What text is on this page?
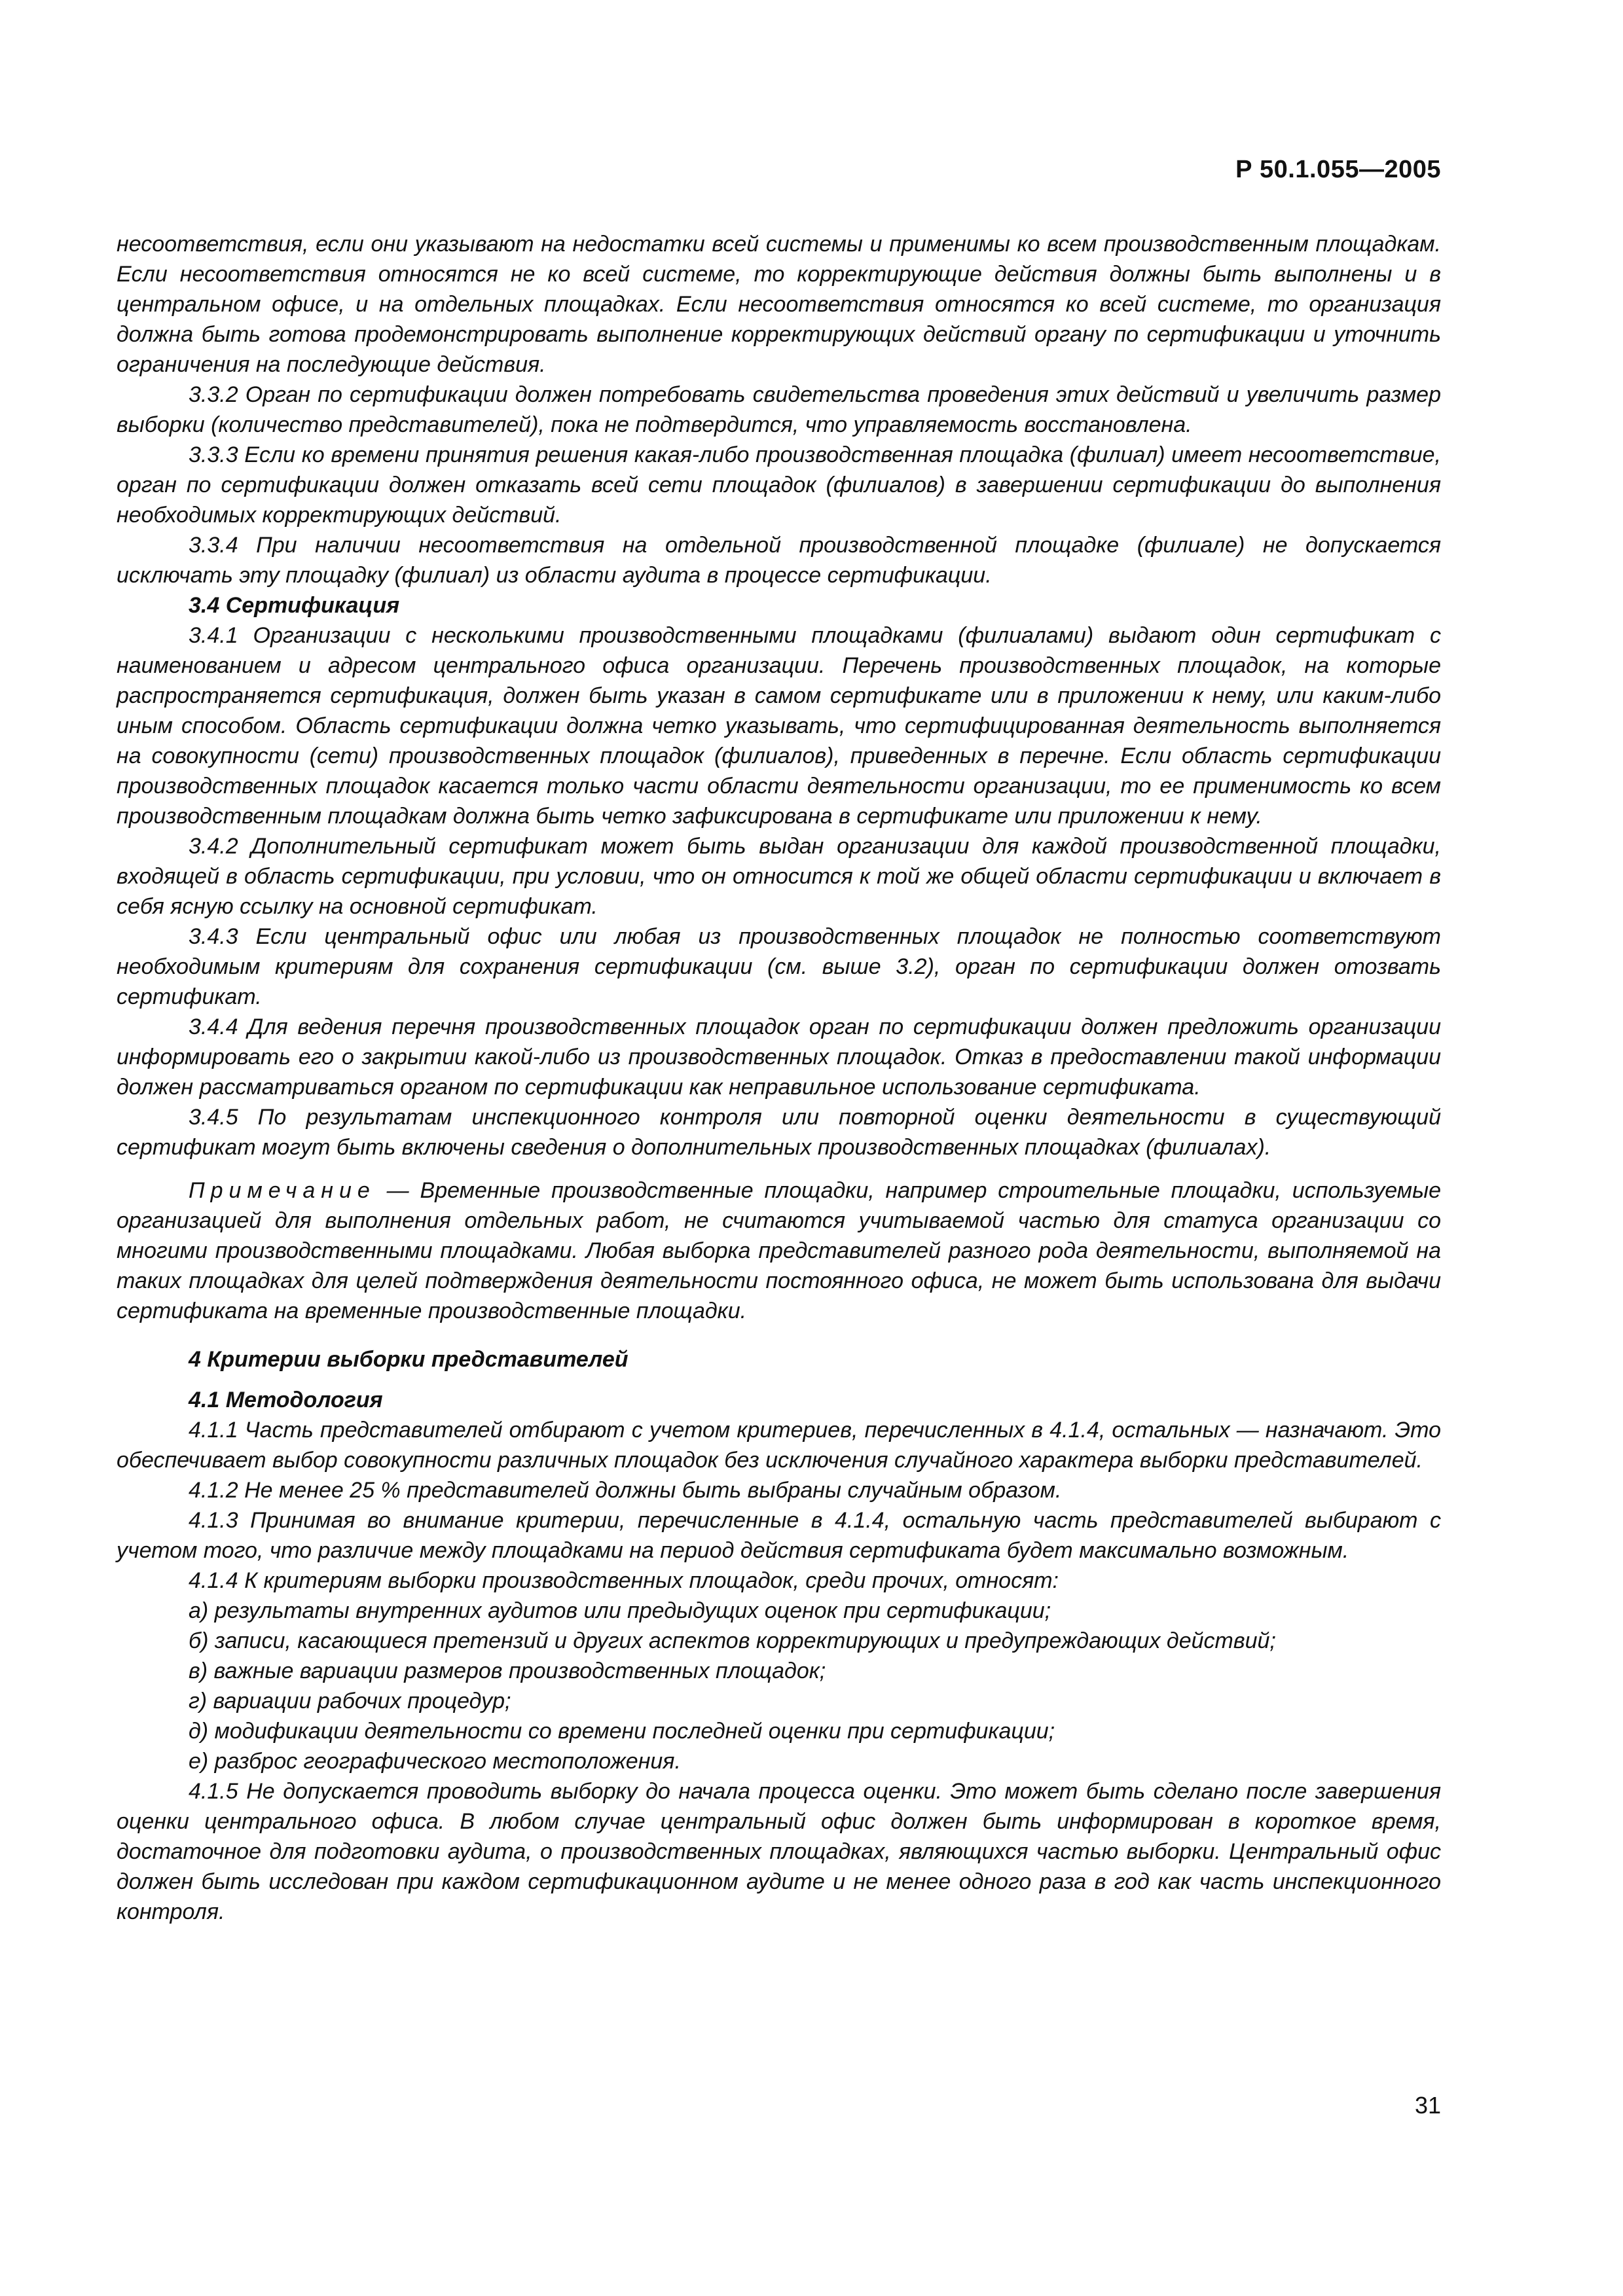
Р 50.1.055—2005

несоответствия, если они указывают на недостатки всей системы и применимы ко всем производственным площадкам. Если несоответствия относятся не ко всей системе, то корректирующие действия должны быть выполнены и в центральном офисе, и на отдельных площадках. Если несоответствия относятся ко всей системе, то организация должна быть готова продемонстрировать выполнение корректирующих действий органу по сертификации и уточнить ограничения на последующие действия.

3.3.2 Орган по сертификации должен потребовать свидетельства проведения этих действий и увеличить размер выборки (количество представителей), пока не подтвердится, что управляемость восстановлена.

3.3.3 Если ко времени принятия решения какая-либо производственная площадка (филиал) имеет несоответствие, орган по сертификации должен отказать всей сети площадок (филиалов) в завершении сертификации до выполнения необходимых корректирующих действий.

3.3.4 При наличии несоответствия на отдельной производственной площадке (филиале) не допускается исключать эту площадку (филиал) из области аудита в процессе сертификации.

3.4 Сертификация

3.4.1 Организации с несколькими производственными площадками (филиалами) выдают один сертификат с наименованием и адресом центрального офиса организации. Перечень производственных площадок, на которые распространяется сертификация, должен быть указан в самом сертификате или в приложении к нему, или каким-либо иным способом. Область сертификации должна четко указывать, что сертифицированная деятельность выполняется на совокупности (сети) производственных площадок (филиалов), приведенных в перечне. Если область сертификации производственных площадок касается только части области деятельности организации, то ее применимость ко всем производственным площадкам должна быть четко зафиксирована в сертификате или приложении к нему.

3.4.2 Дополнительный сертификат может быть выдан организации для каждой производственной площадки, входящей в область сертификации, при условии, что он относится к той же общей области сертификации и включает в себя ясную ссылку на основной сертификат.

3.4.3 Если центральный офис или любая из производственных площадок не полностью соответствуют необходимым критериям для сохранения сертификации (см. выше 3.2), орган по сертификации должен отозвать сертификат.

3.4.4 Для ведения перечня производственных площадок орган по сертификации должен предложить организации информировать его о закрытии какой-либо из производственных площадок. Отказ в предоставлении такой информации должен рассматриваться органом по сертификации как неправильное использование сертификата.

3.4.5 По результатам инспекционного контроля или повторной оценки деятельности в существующий сертификат могут быть включены сведения о дополнительных производственных площадках (филиалах).

Примечание — Временные производственные площадки, например строительные площадки, используемые организацией для выполнения отдельных работ, не считаются учитываемой частью для статуса организации со многими производственными площадками. Любая выборка представителей разного рода деятельности, выполняемой на таких площадках для целей подтверждения деятельности постоянного офиса, не может быть использована для выдачи сертификата на временные производственные площадки.

4 Критерии выборки представителей

4.1 Методология

4.1.1 Часть представителей отбирают с учетом критериев, перечисленных в 4.1.4, остальных — назначают. Это обеспечивает выбор совокупности различных площадок без исключения случайного характера выборки представителей.

4.1.2 Не менее 25 % представителей должны быть выбраны случайным образом.

4.1.3 Принимая во внимание критерии, перечисленные в 4.1.4, остальную часть представителей выбирают с учетом того, что различие между площадками на период действия сертификата будет максимально возможным.

4.1.4 К критериям выборки производственных площадок, среди прочих, относят:

а) результаты внутренних аудитов или предыдущих оценок при сертификации;

б) записи, касающиеся претензий и других аспектов корректирующих и предупреждающих действий;

в) важные вариации размеров производственных площадок;

г) вариации рабочих процедур;

д) модификации деятельности со времени последней оценки при сертификации;

е) разброс географического местоположения.

4.1.5 Не допускается проводить выборку до начала процесса оценки. Это может быть сделано после завершения оценки центрального офиса. В любом случае центральный офис должен быть информирован в короткое время, достаточное для подготовки аудита, о производственных площадках, являющихся частью выборки. Центральный офис должен быть исследован при каждом сертификационном аудите и не менее одного раза в год как часть инспекционного контроля.

31
